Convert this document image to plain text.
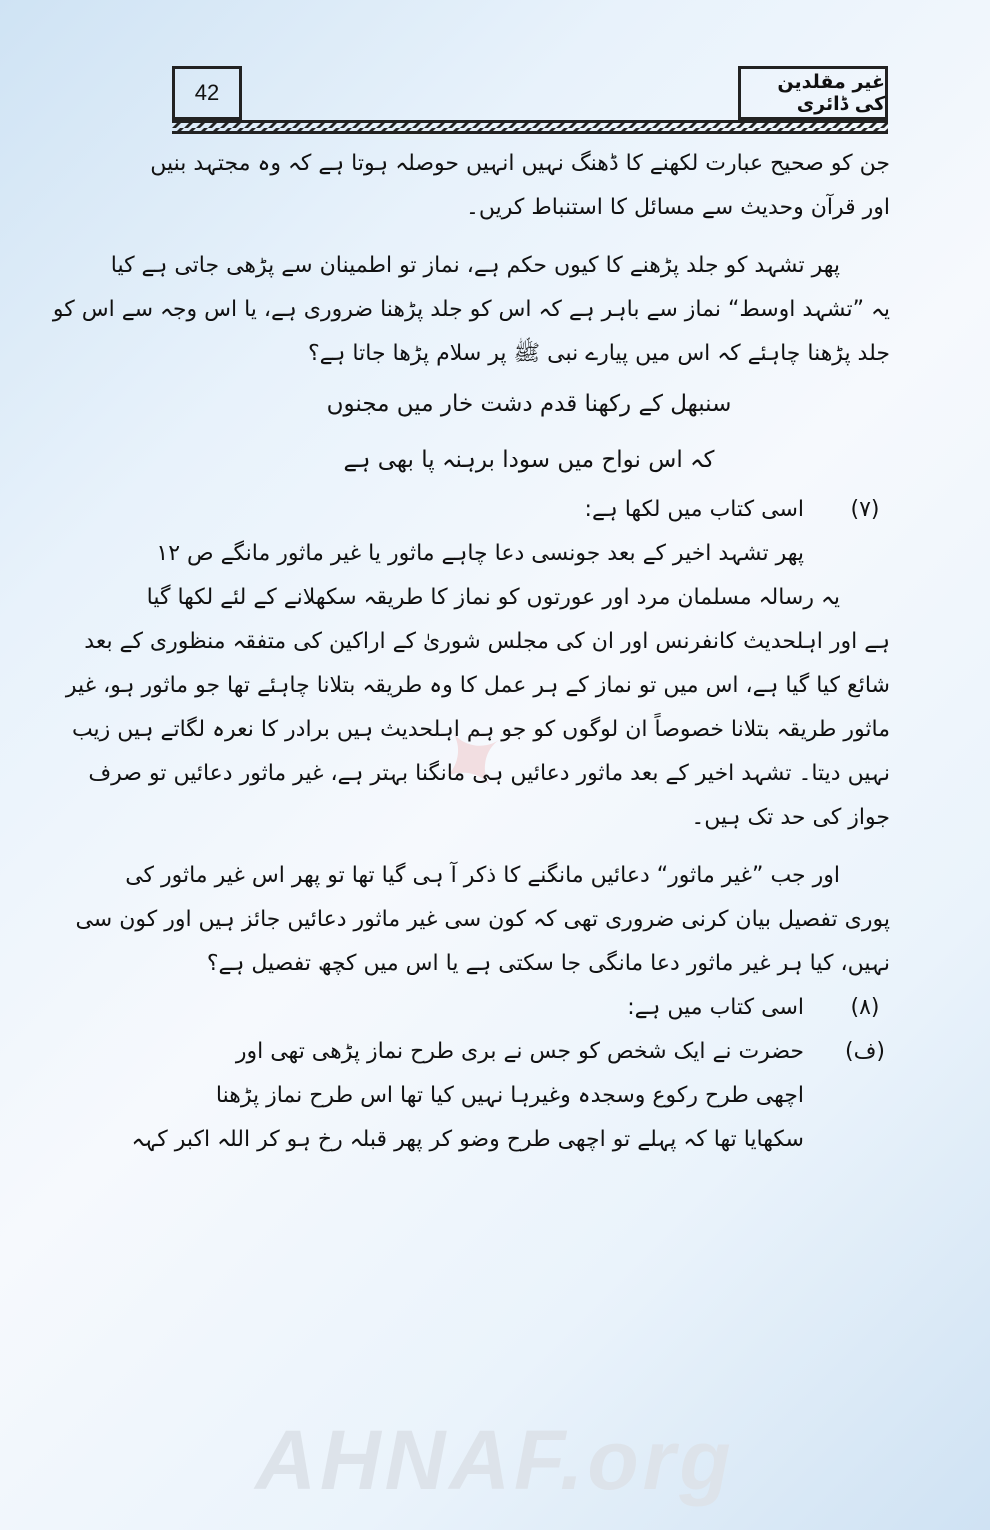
42	غیر مقلدین کی ڈائری
✦
جن کو صحیح عبارت لکھنے کا ڈھنگ نہیں انہیں حوصلہ ہوتا ہے کہ وہ مجتہد بنیں
اور قرآن وحدیث سے مسائل کا استنباط کریں۔
پھر تشہد کو جلد پڑھنے کا کیوں حکم ہے، نماز تو اطمینان سے پڑھی جاتی ہے کیا
یہ ”تشہد اوسط“ نماز سے باہر ہے کہ اس کو جلد پڑھنا ضروری ہے، یا اس وجہ سے اس کو
جلد پڑھنا چاہئے کہ اس میں پیارے نبی ﷺ پر سلام پڑھا جاتا ہے؟
سنبھل کے رکھنا قدم دشت خار میں مجنوں
کہ اس نواح میں سودا برہنہ پا بھی ہے
(۷)
اسی کتاب میں لکھا ہے:
پھر تشہد اخیر کے بعد جونسی دعا چاہے ماثور یا غیر ماثور مانگے ص ۱۲
یہ رسالہ مسلمان مرد اور عورتوں کو نماز کا طریقہ سکھلانے کے لئے لکھا گیا
ہے اور اہلحدیث کانفرنس اور ان کی مجلس شوریٰ کے اراکین کی متفقہ منظوری کے بعد
شائع کیا گیا ہے، اس میں تو نماز کے ہر عمل کا وہ طریقہ بتلانا چاہئے تھا جو ماثور ہو، غیر
ماثور طریقہ بتلانا خصوصاً ان لوگوں کو جو ہم اہلحدیث ہیں برادر کا نعرہ لگاتے ہیں زیب
نہیں دیتا۔ تشہد اخیر کے بعد ماثور دعائیں ہی مانگنا بہتر ہے، غیر ماثور دعائیں تو صرف
جواز کی حد تک ہیں۔
اور جب ”غیر ماثور“ دعائیں مانگنے کا ذکر آ ہی گیا تھا تو پھر اس غیر ماثور کی
پوری تفصیل بیان کرنی ضروری تھی کہ کون سی غیر ماثور دعائیں جائز ہیں اور کون سی
نہیں، کیا ہر غیر ماثور دعا مانگی جا سکتی ہے یا اس میں کچھ تفصیل ہے؟
(۸)
اسی کتاب میں ہے:
(ف)
حضرت نے ایک شخص کو جس نے بری طرح نماز پڑھی تھی اور
اچھی طرح رکوع وسجدہ وغیرہا نہیں کیا تھا اس طرح نماز پڑھنا
سکھایا تھا کہ پہلے تو اچھی طرح وضو کر پھر قبلہ رخ ہو کر اللہ اکبر کہہ
AHNAF.org
